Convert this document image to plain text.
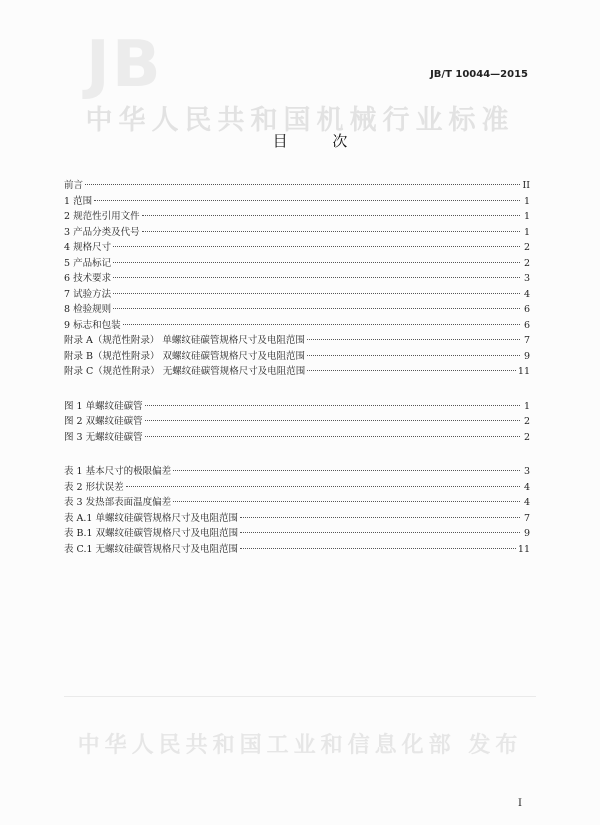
JB
中华人民共和国机械行业标准
中华人民共和国工业和信息化部 发布
JB/T 10044—2015
目 次
前言	II
1 范围	1
2 规范性引用文件	1
3 产品分类及代号	1
4 规格尺寸	2
5 产品标记	2
6 技术要求	3
7 试验方法	4
8 检验规则	6
9 标志和包装	6
附录 A（规范性附录） 单螺纹硅碳管规格尺寸及电阻范围	7
附录 B（规范性附录） 双螺纹硅碳管规格尺寸及电阻范围	9
附录 C（规范性附录） 无螺纹硅碳管规格尺寸及电阻范围	11
图 1 单螺纹硅碳管	1
图 2 双螺纹硅碳管	2
图 3 无螺纹硅碳管	2
表 1 基本尺寸的极限偏差	3
表 2 形状误差	4
表 3 发热部表面温度偏差	4
表 A.1 单螺纹硅碳管规格尺寸及电阻范围	7
表 B.1 双螺纹硅碳管规格尺寸及电阻范围	9
表 C.1 无螺纹硅碳管规格尺寸及电阻范围	11
I
